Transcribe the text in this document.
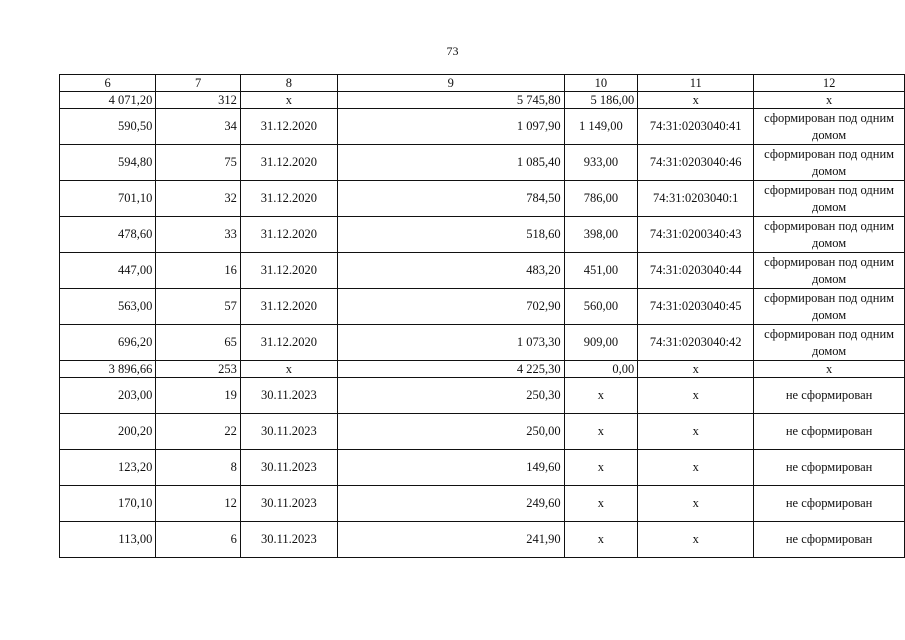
73
6	7	8	9	10	11	12
4 071,20	312	х	5 745,80	5 186,00	х	х
590,50	34	31.12.2020	1 097,90	1 149,00	74:31:0203040:41	сформирован под одним домом
594,80	75	31.12.2020	1 085,40	933,00	74:31:0203040:46	сформирован под одним домом
701,10	32	31.12.2020	784,50	786,00	74:31:0203040:1	сформирован под одним домом
478,60	33	31.12.2020	518,60	398,00	74:31:0200340:43	сформирован под одним домом
447,00	16	31.12.2020	483,20	451,00	74:31:0203040:44	сформирован под одним домом
563,00	57	31.12.2020	702,90	560,00	74:31:0203040:45	сформирован под одним домом
696,20	65	31.12.2020	1 073,30	909,00	74:31:0203040:42	сформирован под одним домом
3 896,66	253	х	4 225,30	0,00	х	х
203,00	19	30.11.2023	250,30	х	х	не сформирован
200,20	22	30.11.2023	250,00	х	х	не сформирован
123,20	8	30.11.2023	149,60	х	х	не сформирован
170,10	12	30.11.2023	249,60	х	х	не сформирован
113,00	6	30.11.2023	241,90	х	х	не сформирован
